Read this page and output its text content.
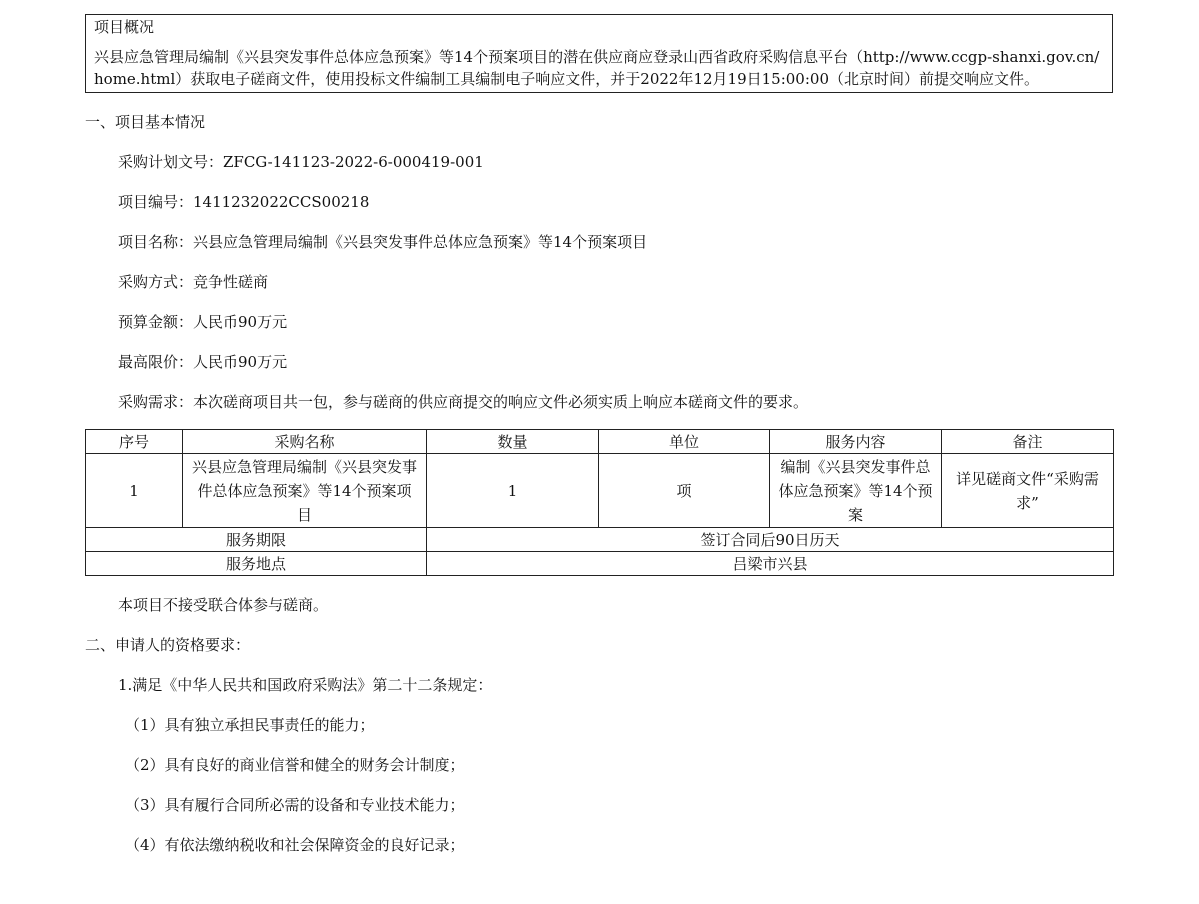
项目概况
兴县应急管理局编制《兴县突发事件总体应急预案》等14个预案项目的潜在供应商应登录山西省政府采购信息平台（http://www.ccgp-shanxi.gov.cn/home.html）获取电子磋商文件，使用投标文件编制工具编制电子响应文件，并于2022年12月19日15:00:00（北京时间）前提交响应文件。
一、项目基本情况
采购计划文号：ZFCG-141123-2022-6-000419-001
项目编号：1411232022CCS00218
项目名称：兴县应急管理局编制《兴县突发事件总体应急预案》等14个预案项目
采购方式：竞争性磋商
预算金额：人民币90万元
最高限价：人民币90万元
采购需求：本次磋商项目共一包，参与磋商的供应商提交的响应文件必须实质上响应本磋商文件的要求。
序号	采购名称	数量	单位	服务内容	备注
1	兴县应急管理局编制《兴县突发事件总体应急预案》等14个预案项目	1	项	编制《兴县突发事件总体应急预案》等14个预案	详见磋商文件“采购需求”
服务期限		签订合同后90日历天			
服务地点		吕梁市兴县			
本项目不接受联合体参与磋商。
二、申请人的资格要求：
1.满足《中华人民共和国政府采购法》第二十二条规定：
（1）具有独立承担民事责任的能力；
（2）具有良好的商业信誉和健全的财务会计制度；
（3）具有履行合同所必需的设备和专业技术能力；
（4）有依法缴纳税收和社会保障资金的良好记录；
